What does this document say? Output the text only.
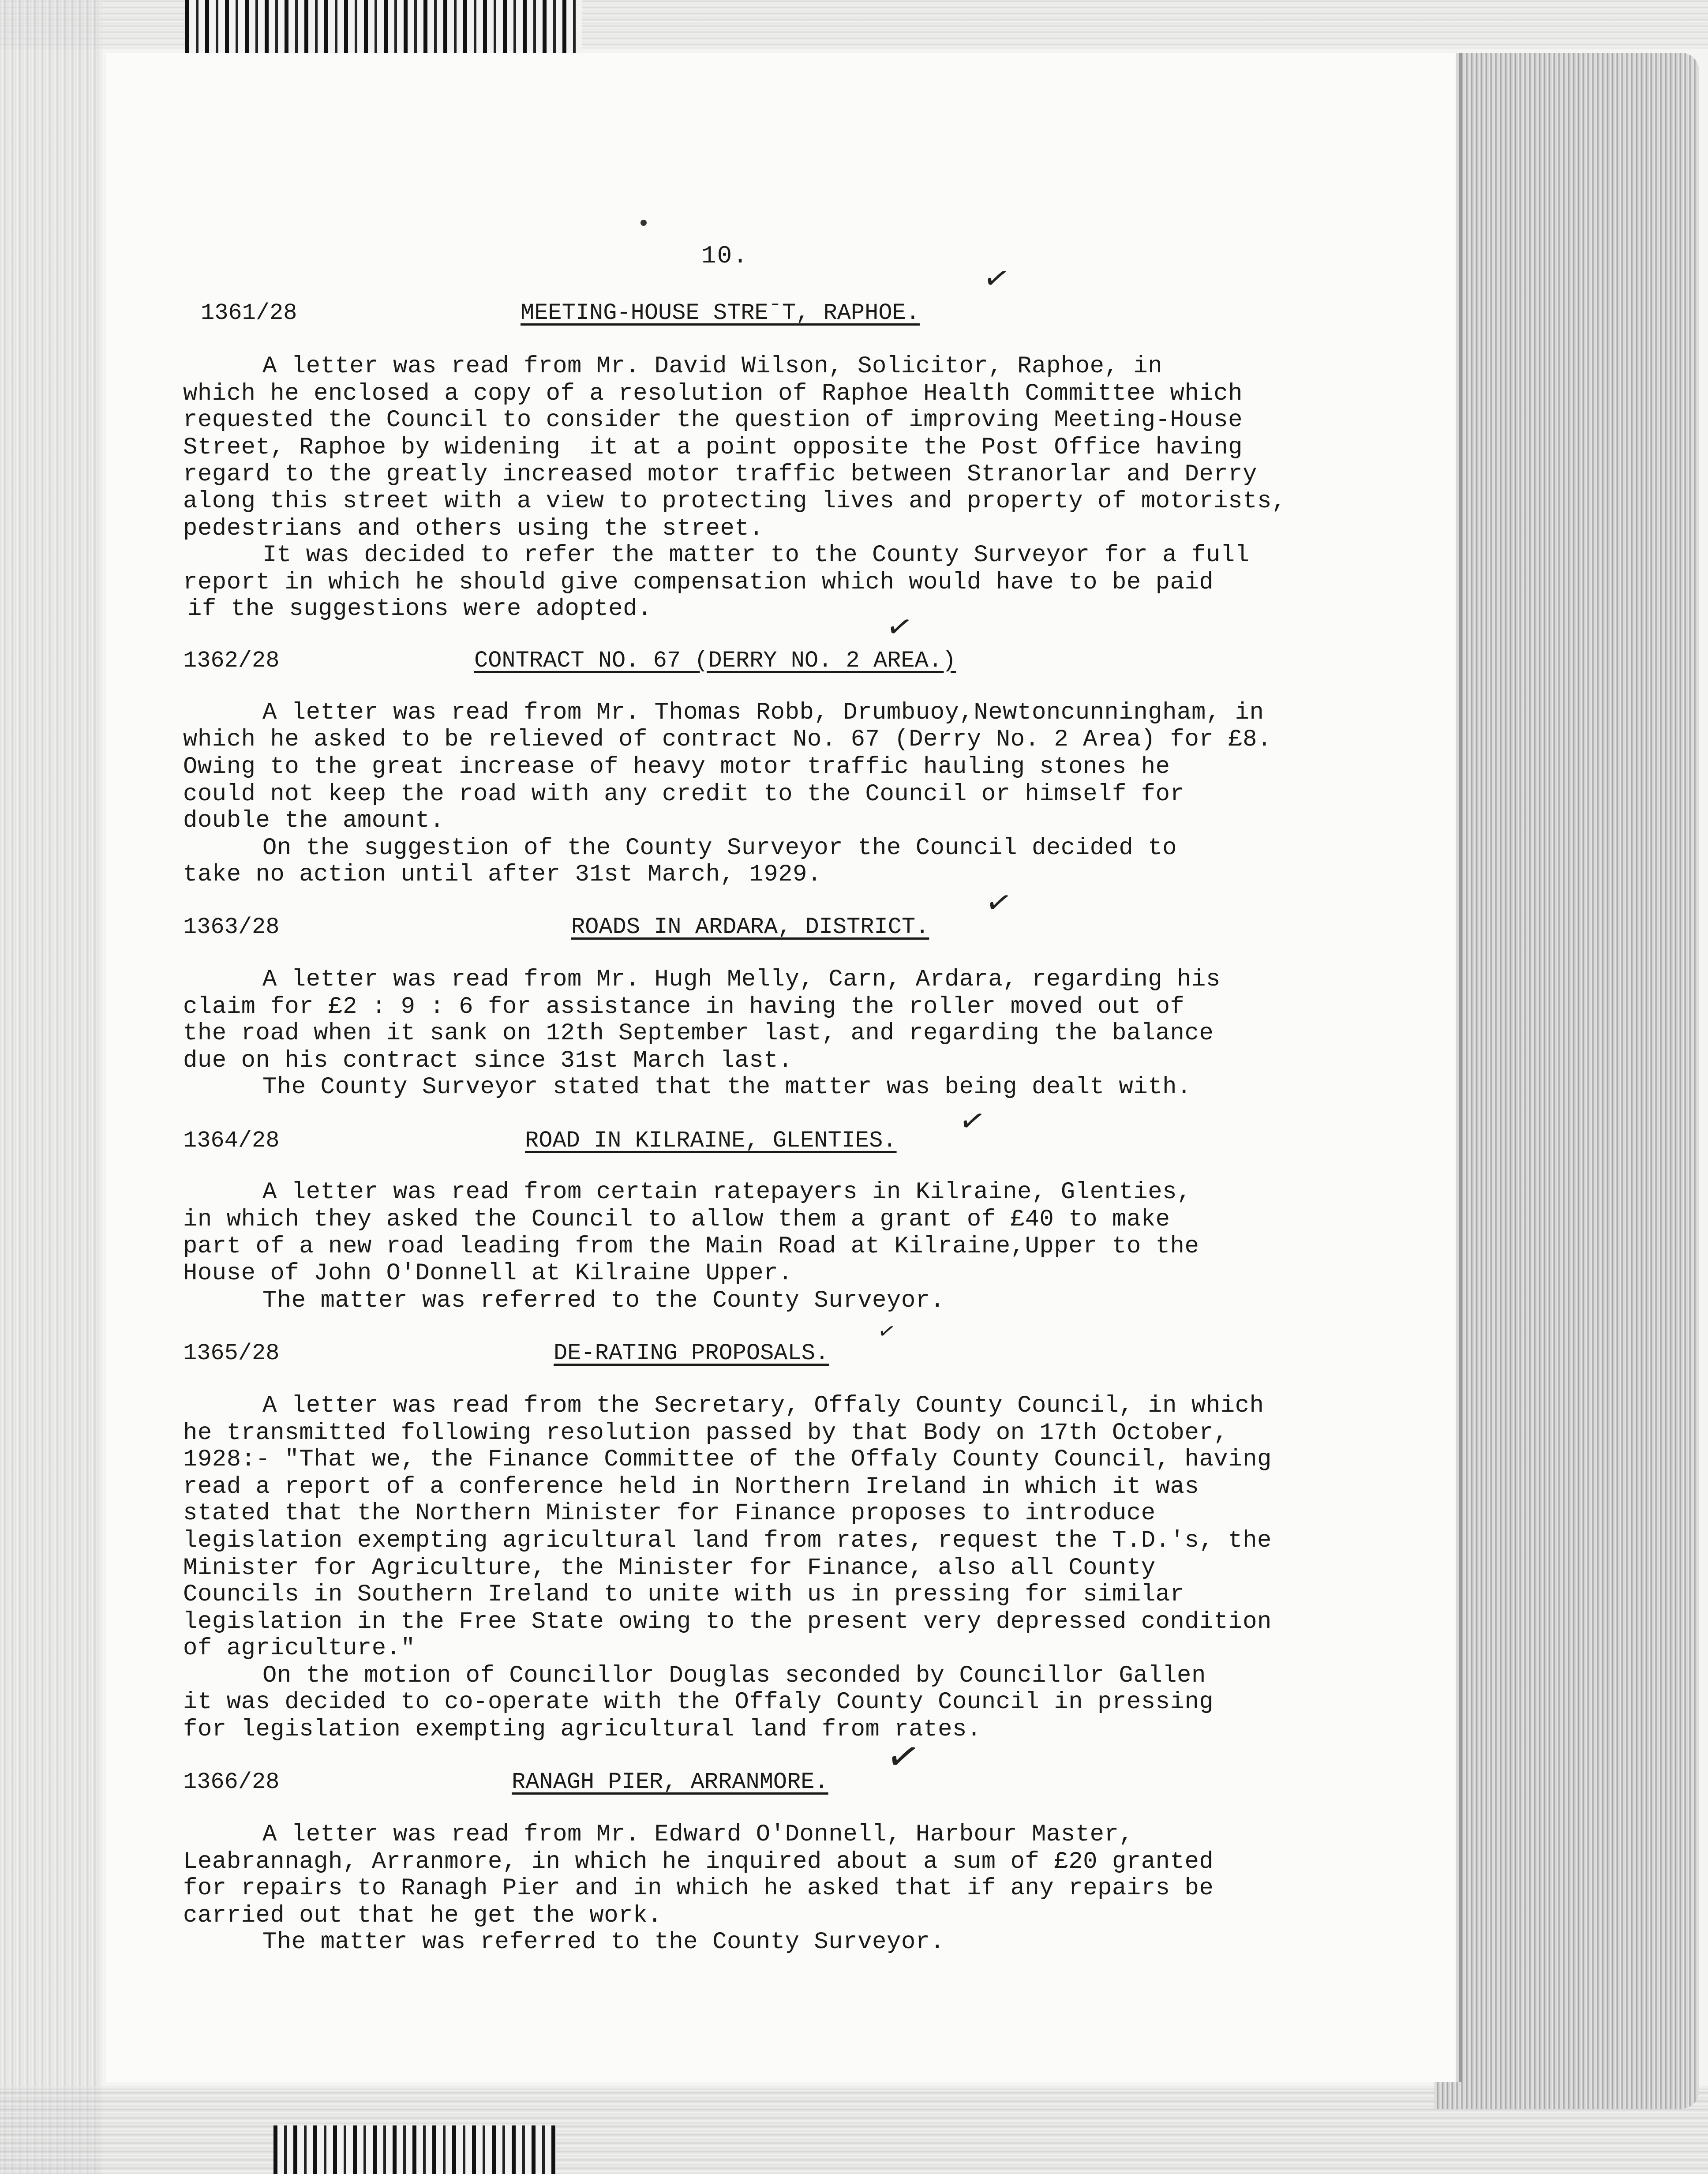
10.
1361/28	MEETING-HOUSE STREˉT, RAPHOE.
✓
A letter was read from Mr. David Wilson, Solicitor, Raphoe, in
which he enclosed a copy of a resolution of Raphoe Health Committee which
requested the Council to consider the question of improving Meeting-House
Street, Raphoe by widening  it at a point opposite the Post Office having
regard to the greatly increased motor traffic between Stranorlar and Derry
along this street with a view to protecting lives and property of motorists,
pedestrians and others using the street.
It was decided to refer the matter to the County Surveyor for a full
report in which he should give compensation which would have to be paid
if the suggestions were adopted.
1362/28	CONTRACT NO. 67 (DERRY NO. 2 AREA.)
✓
A letter was read from Mr. Thomas Robb, Drumbuoy,Newtoncunningham, in
which he asked to be relieved of contract No. 67 (Derry No. 2 Area) for £8.
Owing to the great increase of heavy motor traffic hauling stones he
could not keep the road with any credit to the Council or himself for
double the amount.
On the suggestion of the County Surveyor the Council decided to
take no action until after 31st March, 1929.
1363/28	ROADS IN ARDARA, DISTRICT.
✓
A letter was read from Mr. Hugh Melly, Carn, Ardara, regarding his
claim for £2 : 9 : 6 for assistance in having the roller moved out of
the road when it sank on 12th September last, and regarding the balance
due on his contract since 31st March last.
The County Surveyor stated that the matter was being dealt with.
1364/28	ROAD IN KILRAINE, GLENTIES. ✓
A letter was read from certain ratepayers in Kilraine, Glenties,
in which they asked the Council to allow them a grant of £40 to make
part of a new road leading from the Main Road at Kilraine,Upper to the
House of John O'Donnell at Kilraine Upper.
The matter was referred to the County Surveyor.
1365/28	DE-RATING PROPOSALS.
✓
A letter was read from the Secretary, Offaly County Council, in which
he transmitted following resolution passed by that Body on 17th October,
1928:- "That we, the Finance Committee of the Offaly County Council, having
read a report of a conference held in Northern Ireland in which it was
stated that the Northern Minister for Finance proposes to introduce
legislation exempting agricultural land from rates, request the T.D.'s, the
Minister for Agriculture, the Minister for Finance, also all County
Councils in Southern Ireland to unite with us in pressing for similar
legislation in the Free State owing to the present very depressed condition
of agriculture."
On the motion of Councillor Douglas seconded by Councillor Gallen
it was decided to co-operate with the Offaly County Council in pressing
for legislation exempting agricultural land from rates.
1366/28	RANAGH PIER, ARRANMORE. ✓
A letter was read from Mr. Edward O'Donnell, Harbour Master,
Leabrannagh, Arranmore, in which he inquired about a sum of £20 granted
for repairs to Ranagh Pier and in which he asked that if any repairs be
carried out that he get the work.
The matter was referred to the County Surveyor.
